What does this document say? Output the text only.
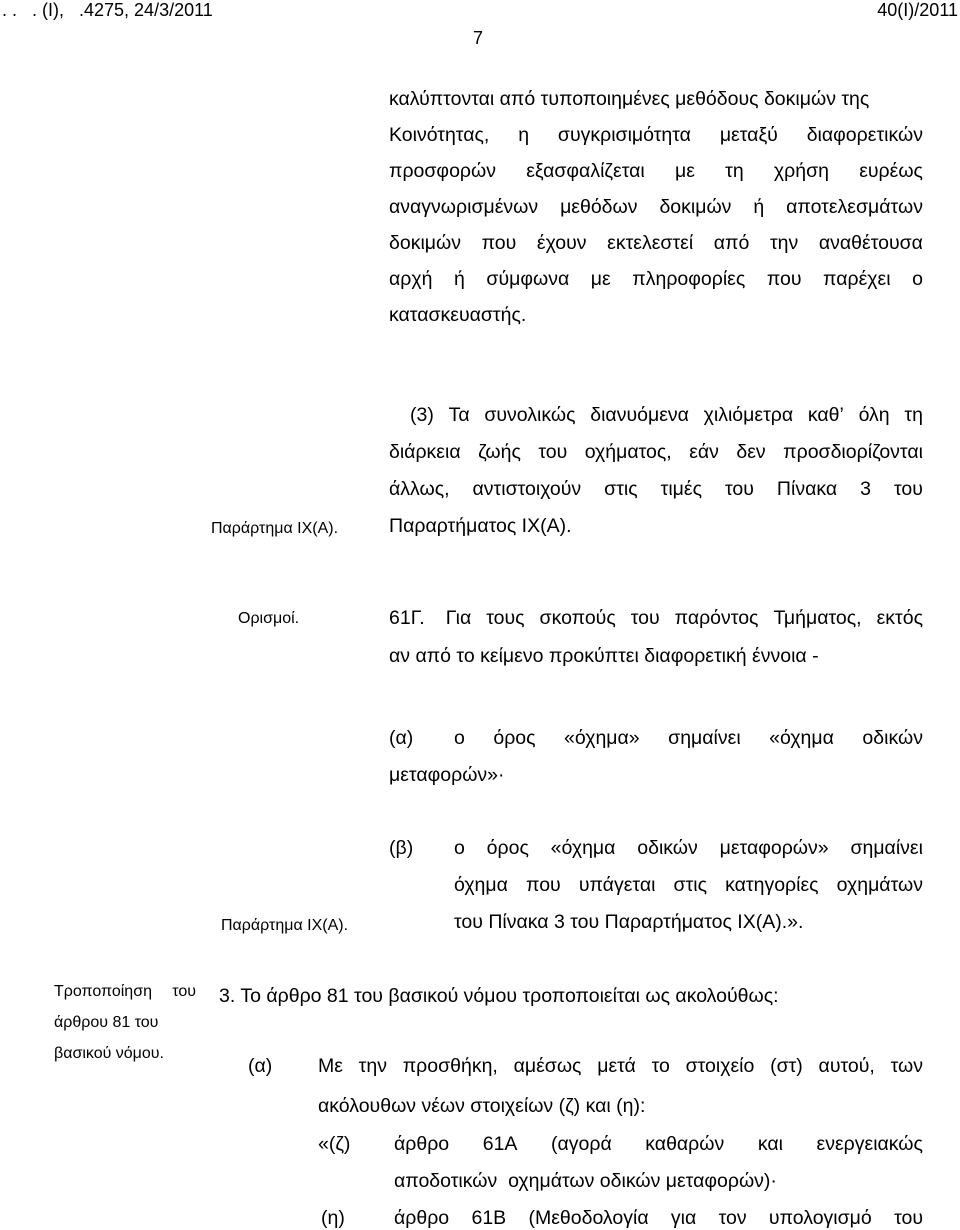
. .   . (Ι),   .4275, 24/3/2011	40(Ι)/2011
7
καλύπτονται από τυποποιημένες μεθόδους δοκιμών της
Κοινότητας, η συγκρισιμότητα μεταξύ διαφορετικών
προσφορών εξασφαλίζεται με τη χρήση ευρέως
αναγνωρισμένων μεθόδων δοκιμών ή αποτελεσμάτων
δοκιμών που έχουν εκτελεστεί από την αναθέτουσα
αρχή ή σύμφωνα με πληροφορίες που παρέχει ο
κατασκευαστής.
Παράρτημα ΙΧ(Α).
(3) Τα συνολικώς διανυόμενα χιλιόμετρα καθ’ όλη τη
διάρκεια ζωής του οχήματος, εάν δεν προσδιορίζονται
άλλως, αντιστοιχούν στις τιμές του Πίνακα 3 του
Παραρτήματος ΙΧ(Α).
Ορισμοί.	61Γ. Για τους σκοπούς του παρόντος Τμήματος, εκτός
αν από το κείμενο προκύπτει διαφορετική έννοια -
(α) ο όρος «όχημα» σημαίνει «όχημα οδικών
μεταφορών»·
(β)
Παράρτημα ΙΧ(Α).
ο όρος «όχημα οδικών μεταφορών» σημαίνει
όχημα που υπάγεται στις κατηγορίες οχημάτων
του Πίνακα 3 του Παραρτήματος ΙΧ(Α).».
Τροποποίηση του
άρθρου 81 του
βασικού νόμου.
3. Το άρθρο 81 του βασικού νόμου τροποποιείται ως ακολούθως:
(α) Με την προσθήκη, αμέσως μετά το στοιχείο (στ) αυτού, των
ακόλουθων νέων στοιχείων (ζ) και (η):
«(ζ) άρθρο 61Α (αγορά καθαρών και ενεργειακώς
αποδοτικών  οχημάτων οδικών μεταφορών)·
(η)	άρθρο 61Β (Μεθοδολογία για τον υπολογισμό του
